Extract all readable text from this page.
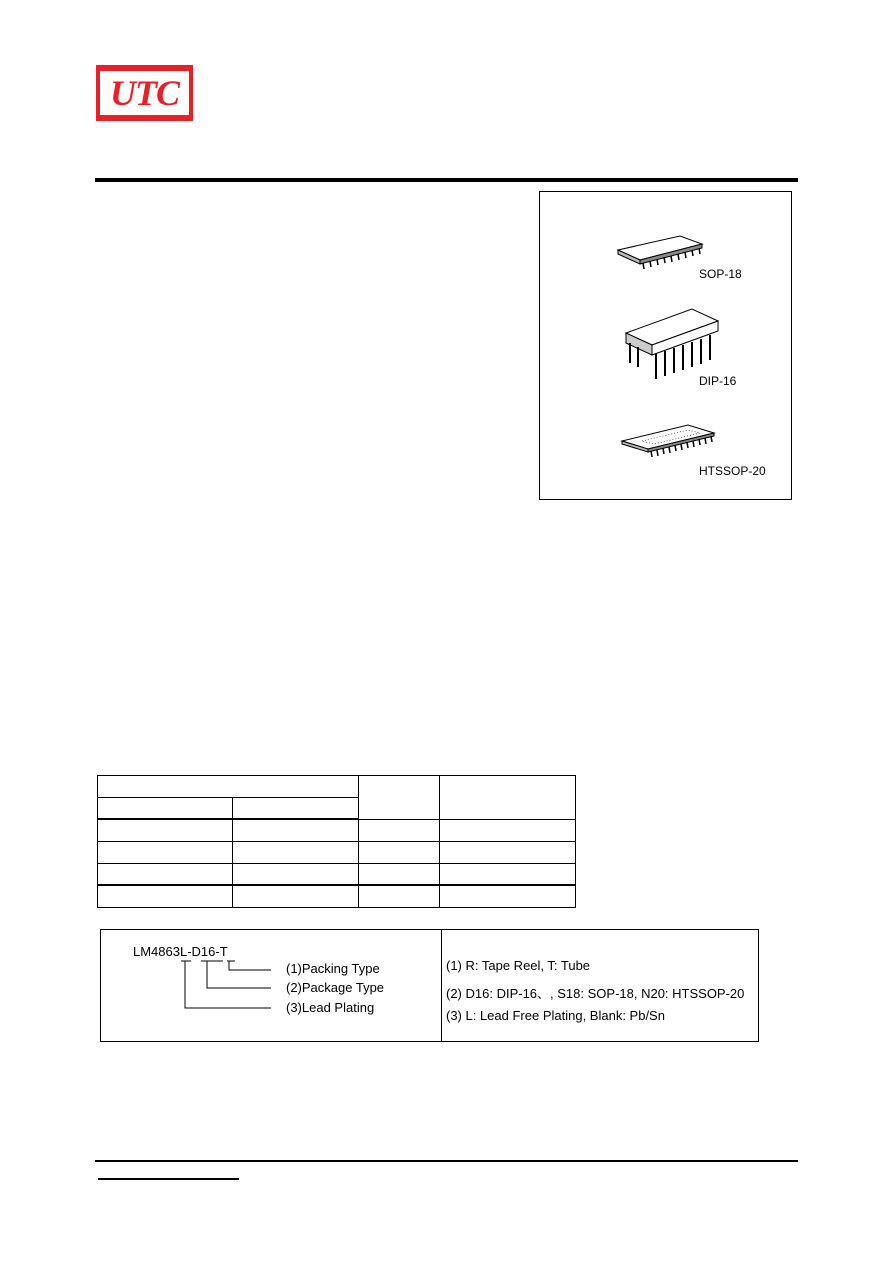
UTC
SOP-18
DIP-16
HTSSOP-20

LM4863L-D16-T
(1)Packing Type
(2)Package Type
(3)Lead Plating
(1) R: Tape Reel, T: Tube
(2) D16: DIP-16、, S18: SOP-18, N20: HTSSOP-20
(3) L: Lead Free Plating, Blank: Pb/Sn
